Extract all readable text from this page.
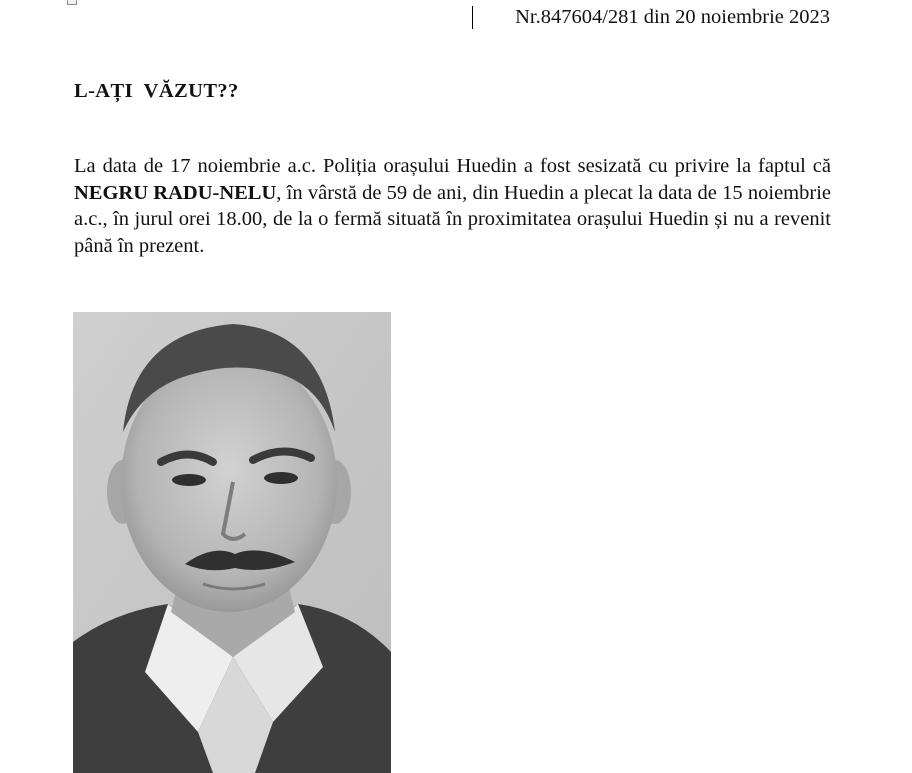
Nr.847604/281 din 20 noiembrie 2023
L-AȚI  VĂZUT??

La data de 17 noiembrie a.c. Poliția orașului Huedin a fost sesizată cu privire la faptul că NEGRU RADU-NELU, în vârstă de 59 de ani, din Huedin a plecat la data de 15 noiembrie a.c., în jurul orei 18.00, de la o fermă situată în proximitatea orașului Huedin și nu a revenit până în prezent.
